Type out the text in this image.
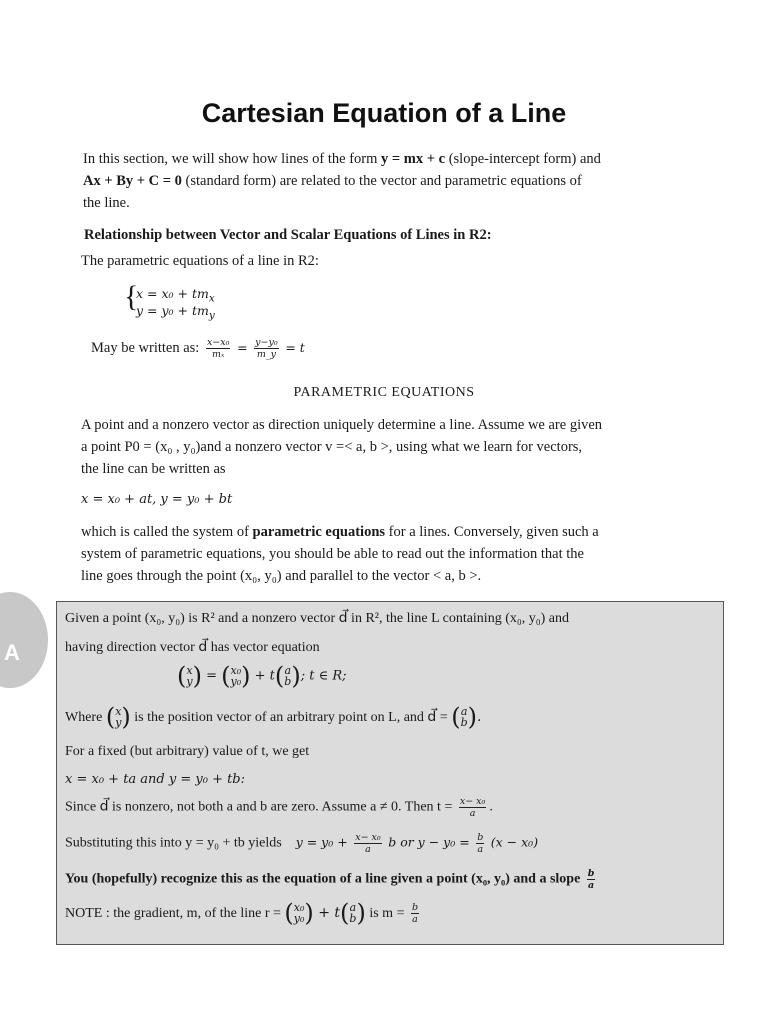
A
Cartesian Equation of a Line
In this section, we will show how lines of the form y = mx + c (slope-intercept form) and
Ax + By + C = 0 (standard form) are related to the vector and parametric equations of
the line.
Relationship between Vector and Scalar Equations of Lines in R2:
The parametric equations of a line in R2:
{
$x = x_0 + tm_x$
$y = y_0 + tm_y$
May be written as: $\frac{\text{x−x₀}}{\text{mₓ}} = \frac{\text{y−y₀}}{m\_y} = t$
PARAMETRIC EQUATIONS
A point and a nonzero vector as direction uniquely determine a line. Assume we are given
a point P0 = (x₀ , y₀)and a nonzero vector v =< a, b >, using what we learn for vectors,
the line can be written as
x = x₀ + at, y = y₀ + bt
which is called the system of parametric equations for a lines. Conversely, given such a
system of parametric equations, you should be able to read out the information that the
line goes through the point (x₀, y₀) and parallel to the vector < a, b >.
Given a point (x₀, y₀) is R² and a nonzero vector d⃗ in R², the line L containing (x₀, y₀) and
having direction vector d⃗ has vector equation
(x
y) = (x₀
y₀) + t(a
b); t ∈ R;
Where (x
y) is the position vector of an arbitrary point on L, and d⃗ = (a
b).
For a fixed (but arbitrary) value of t, we get
x = x₀ + ta and y = y₀ + tb:
Since d⃗ is nonzero, not both a and b are zero. Assume a ≠ 0. Then $t = \frac{\text{x− x₀}}{a}$ .
Substituting this into y = y₀ + tb yields $y = y_0 + \frac{\text{x− x₀}}{a}$ b or $y - y_0 = \frac{b}{a} (x - x_0)$
You (hopefully) recognize this as the equation of a line given a point (x₀, y₀) and a slope $\frac{b}{a}$
NOTE : the gradient, m, of the line r = (x₀
y₀) + t(a
b) is $m = \frac{b}{a}$
